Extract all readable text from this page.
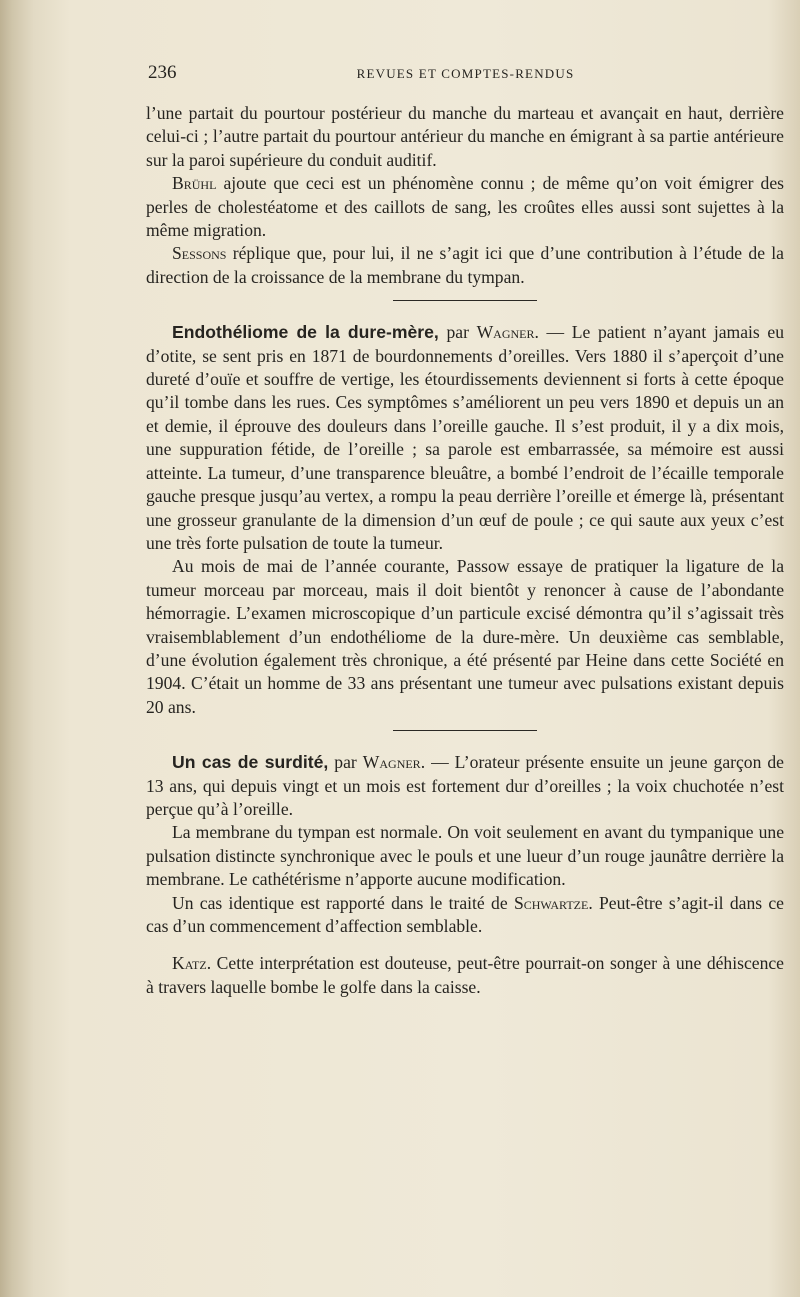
236	REVUES ET COMPTES-RENDUS

l’une partait du pourtour postérieur du manche du marteau et avançait en haut, derrière celui-ci ; l’autre partait du pourtour antérieur du manche en émigrant à sa partie antérieure sur la paroi supérieure du conduit auditif.

Brühl ajoute que ceci est un phénomène connu ; de même qu’on voit émigrer des perles de cholestéatome et des caillots de sang, les croûtes elles aussi sont sujettes à la même migration.

Sessons réplique que, pour lui, il ne s’agit ici que d’une contribution à l’étude de la direction de la croissance de la membrane du tympan.

Endothéliome de la dure-mère, par Wagner. — Le patient n’ayant jamais eu d’otite, se sent pris en 1871 de bourdonnements d’oreilles. Vers 1880 il s’aperçoit d’une dureté d’ouïe et souffre de vertige, les étourdissements deviennent si forts à cette époque qu’il tombe dans les rues. Ces symptômes s’améliorent un peu vers 1890 et depuis un an et demie, il éprouve des douleurs dans l’oreille gauche. Il s’est produit, il y a dix mois, une suppuration fétide, de l’oreille ; sa parole est embarrassée, sa mémoire est aussi atteinte. La tumeur, d’une transparence bleuâtre, a bombé l’endroit de l’écaille temporale gauche presque jusqu’au vertex, a rompu la peau derrière l’oreille et émerge là, présentant une grosseur granulante de la dimension d’un œuf de poule ; ce qui saute aux yeux c’est une très forte pulsation de toute la tumeur.

Au mois de mai de l’année courante, Passow essaye de pratiquer la ligature de la tumeur morceau par morceau, mais il doit bientôt y renoncer à cause de l’abondante hémorragie. L’examen microscopique d’un particule excisé démontra qu’il s’agissait très vraisemblablement d’un endothéliome de la dure-mère. Un deuxième cas semblable, d’une évolution également très chronique, a été présenté par Heine dans cette Société en 1904. C’était un homme de 33 ans présentant une tumeur avec pulsations existant depuis 20 ans.

Un cas de surdité, par Wagner. — L’orateur présente ensuite un jeune garçon de 13 ans, qui depuis vingt et un mois est fortement dur d’oreilles ; la voix chuchotée n’est perçue qu’à l’oreille.

La membrane du tympan est normale. On voit seulement en avant du tympanique une pulsation distincte synchronique avec le pouls et une lueur d’un rouge jaunâtre derrière la membrane. Le cathétérisme n’apporte aucune modification.

Un cas identique est rapporté dans le traité de Schwartze. Peut-être s’agit-il dans ce cas d’un commencement d’affection semblable.

Katz. Cette interprétation est douteuse, peut-être pourrait-on songer à une déhiscence à travers laquelle bombe le golfe dans la caisse.
